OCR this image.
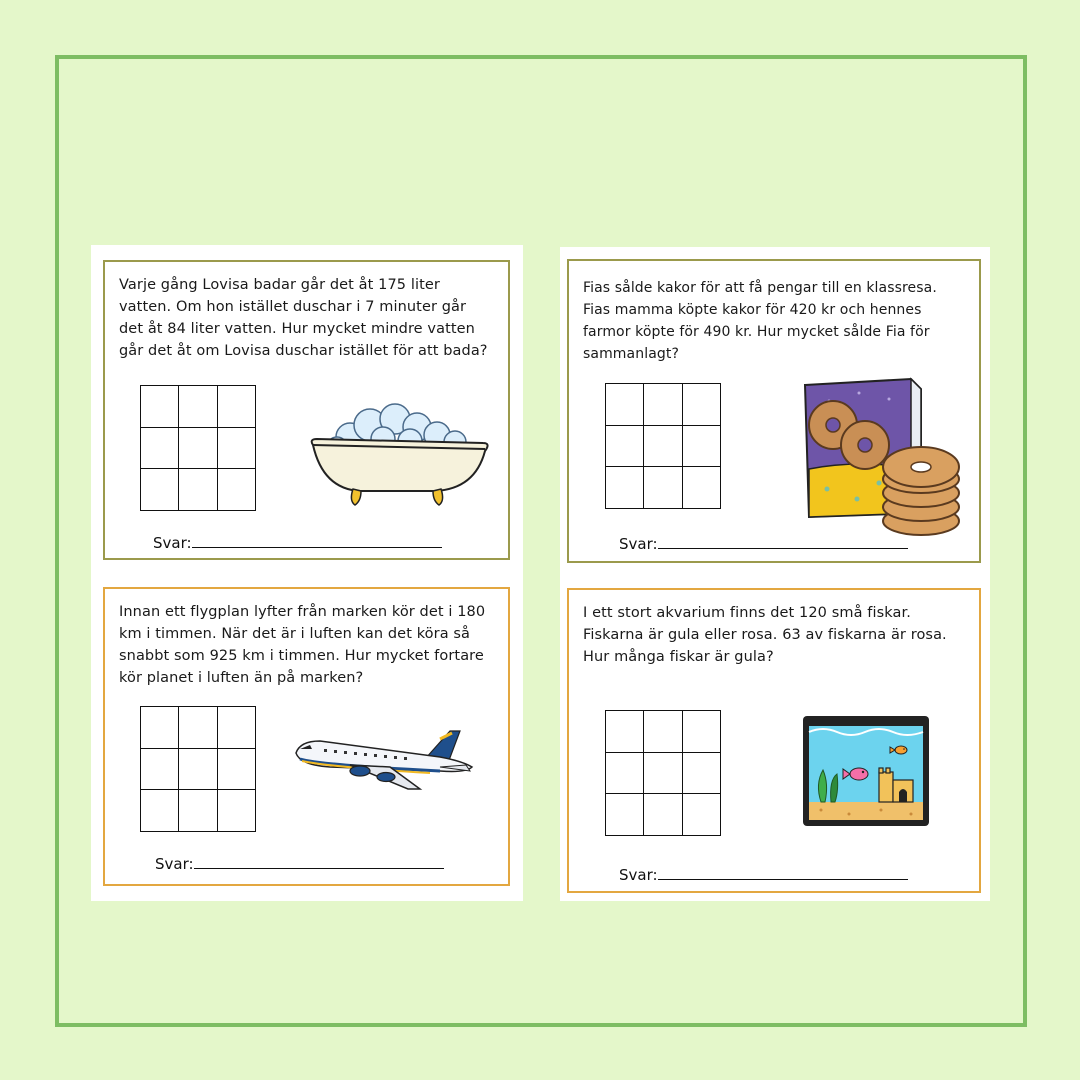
Varje gång Lovisa badar går det åt 175 liter vatten. Om hon istället duschar i 7 minuter går det åt 84 liter vatten. Hur mycket mindre vatten går det åt om Lovisa duschar istället för att bada?
Svar:
Innan ett flygplan lyfter från marken kör det i 180 km i timmen. När det är i luften kan det köra så snabbt som 925 km i timmen. Hur mycket fortare kör planet i luften än på marken?
Svar:
Fias sålde kakor för att få pengar till en klassresa. Fias mamma köpte kakor för 420 kr och hennes farmor köpte för 490 kr. Hur mycket sålde Fia för sammanlagt?
Svar:
I ett stort akvarium finns det 120 små fiskar. Fiskarna är gula eller rosa. 63 av fiskarna är rosa. Hur många fiskar är gula?
Svar:
